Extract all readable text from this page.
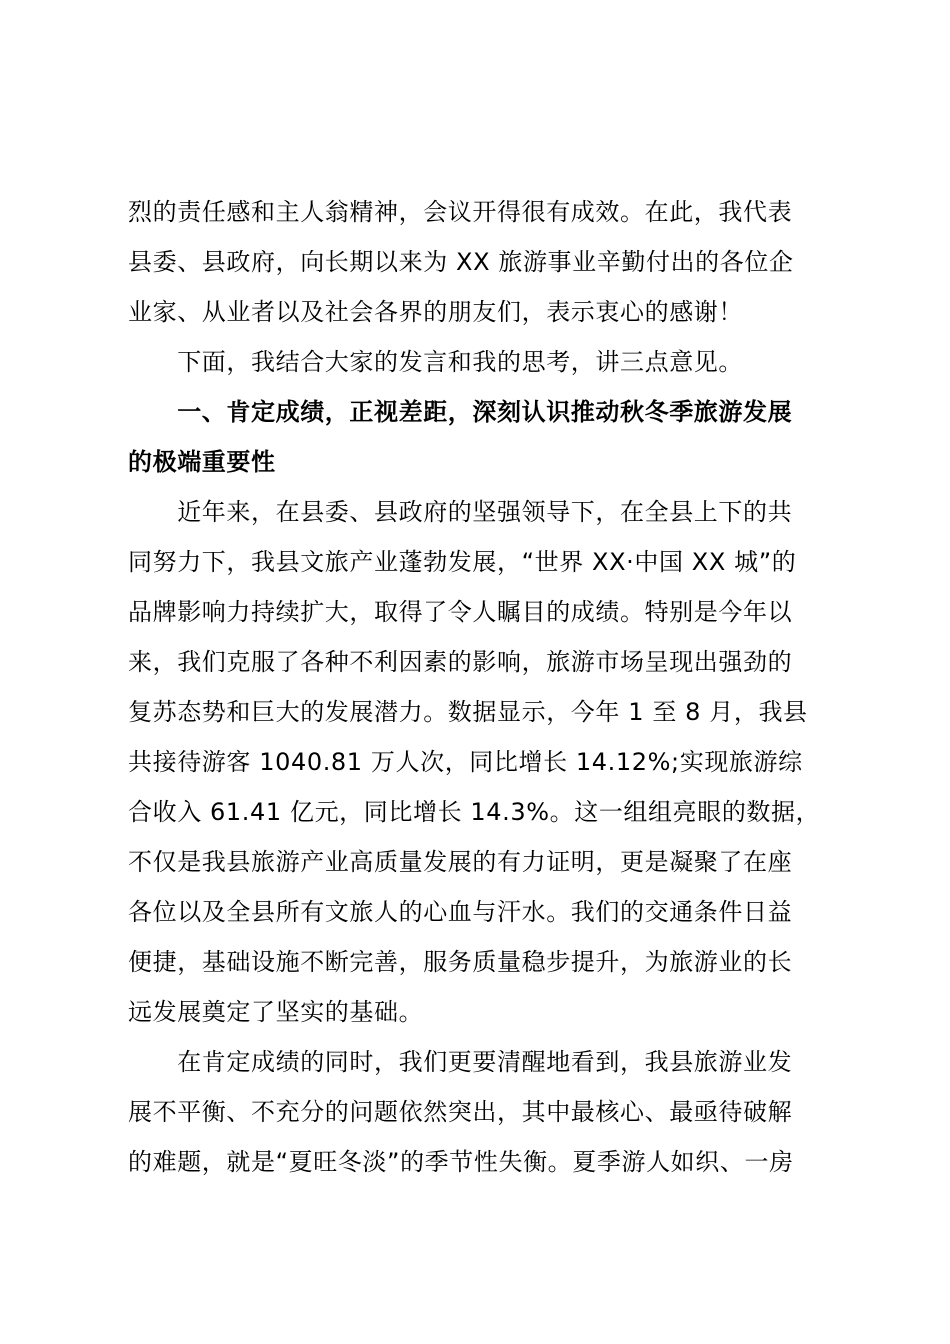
烈的责任感和主人翁精神，会议开得很有成效。在此，我代表
县委、县政府，向长期以来为 XX 旅游事业辛勤付出的各位企
业家、从业者以及社会各界的朋友们，表示衷心的感谢！
　　下面，我结合大家的发言和我的思考，讲三点意见。
　　一、肯定成绩，正视差距，深刻认识推动秋冬季旅游发展
的极端重要性
　　近年来，在县委、县政府的坚强领导下，在全县上下的共
同努力下，我县文旅产业蓬勃发展，“世界 XX·中国 XX 城”的
品牌影响力持续扩大，取得了令人瞩目的成绩。特别是今年以
来，我们克服了各种不利因素的影响，旅游市场呈现出强劲的
复苏态势和巨大的发展潜力。数据显示，今年 1 至 8 月，我县
共接待游客 1040.81 万人次，同比增长 14.12%;实现旅游综
合收入 61.41 亿元，同比增长 14.3%。这一组组亮眼的数据，
不仅是我县旅游产业高质量发展的有力证明，更是凝聚了在座
各位以及全县所有文旅人的心血与汗水。我们的交通条件日益
便捷，基础设施不断完善，服务质量稳步提升，为旅游业的长
远发展奠定了坚实的基础。
　　在肯定成绩的同时，我们更要清醒地看到，我县旅游业发
展不平衡、不充分的问题依然突出，其中最核心、最亟待破解
的难题，就是“夏旺冬淡”的季节性失衡。夏季游人如织、一房
